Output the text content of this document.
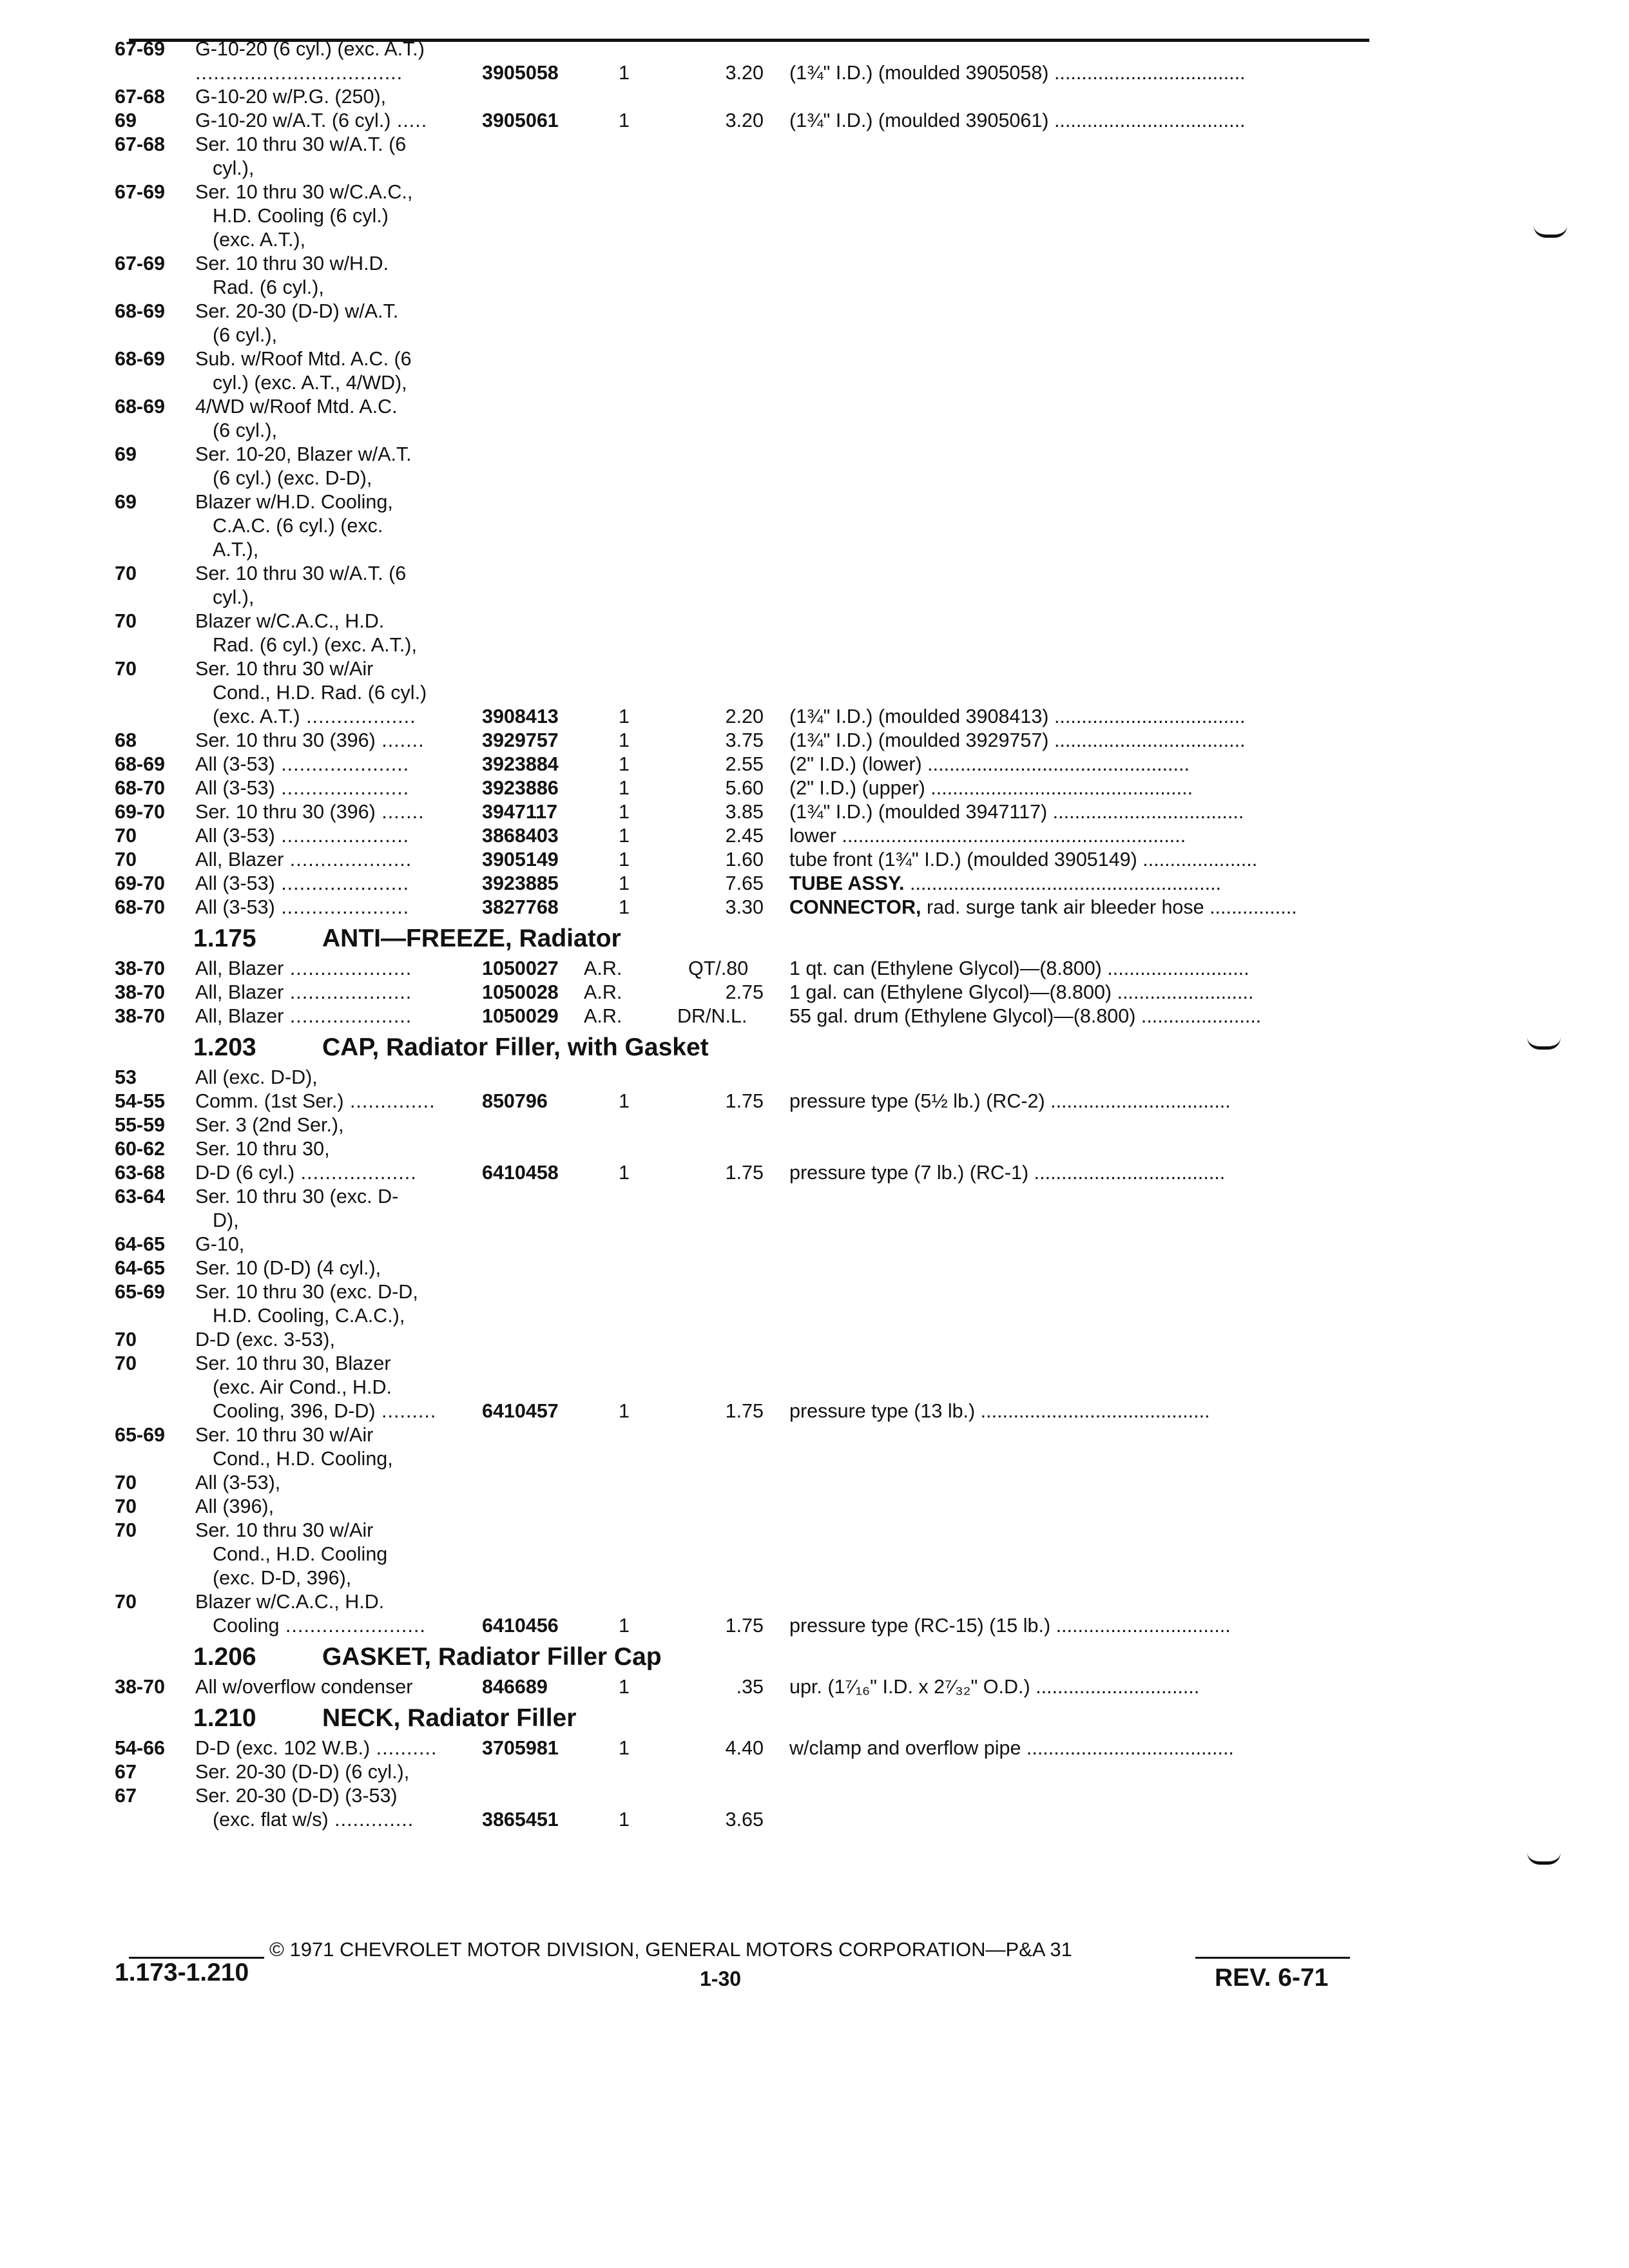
67-69 G-10-20 (6 cyl.) (exc. A.T.)
..................................	3905058	1	3.20 (1¾" I.D.) (moulded 3905058) ...................................
67-68 G-10-20 w/P.G. (250),
69	G-10-20 w/A.T. (6 cyl.) .....	3905061	1	3.20 (1¾" I.D.) (moulded 3905061) ...................................
67-68 Ser. 10 thru 30 w/A.T. (6
cyl.),
67-69 Ser. 10 thru 30 w/C.A.C.,
H.D. Cooling (6 cyl.)
(exc. A.T.),
67-69 Ser. 10 thru 30 w/H.D.
Rad. (6 cyl.),
68-69 Ser. 20-30 (D-D) w/A.T.
(6 cyl.),
68-69 Sub. w/Roof Mtd. A.C. (6
cyl.) (exc. A.T., 4/WD),
68-69 4/WD w/Roof Mtd. A.C.
(6 cyl.),
69	Ser. 10-20, Blazer w/A.T.
(6 cyl.) (exc. D-D),
69	Blazer w/H.D. Cooling,
C.A.C. (6 cyl.) (exc.
A.T.),
70	Ser. 10 thru 30 w/A.T. (6
cyl.),
70	Blazer w/C.A.C., H.D.
Rad. (6 cyl.) (exc. A.T.),
70	Ser. 10 thru 30 w/Air
Cond., H.D. Rad. (6 cyl.)
(exc. A.T.) ..................	3908413	1	2.20 (1¾" I.D.) (moulded 3908413) ...................................
68	Ser. 10 thru 30 (396) .......	3929757	1	3.75 (1¾" I.D.) (moulded 3929757) ...................................
68-69 All (3-53) .....................	3923884	1	2.55 (2" I.D.) (lower) ................................................
68-70 All (3-53) .....................	3923886	1	5.60 (2" I.D.) (upper) ................................................
69-70 Ser. 10 thru 30 (396) .......	3947117	1	3.85 (1¾" I.D.) (moulded 3947117) ...................................
70	All (3-53) .....................	3868403	1	2.45 lower ...............................................................
70	All, Blazer ....................	3905149	1	1.60 tube front (1¾" I.D.) (moulded 3905149) .....................
69-70 All (3-53) .....................	3923885	1	7.65 TUBE ASSY. .........................................................
68-70 All (3-53) .....................	3827768	1	3.30 CONNECTOR, rad. surge tank air bleeder hose ................
1.175	ANTI—FREEZE, Radiator
38-70 All, Blazer ....................	1050027 A.R.	QT/.80 1 qt. can (Ethylene Glycol)—(8.800) ..........................
38-70 All, Blazer ....................	1050028 A.R.	2.75 1 gal. can (Ethylene Glycol)—(8.800) .........................
38-70 All, Blazer ....................	1050029 A.R.	DR/N.L. 55 gal. drum (Ethylene Glycol)—(8.800) ......................
1.203	CAP, Radiator Filler, with Gasket
53	All (exc. D-D),
54-55 Comm. (1st Ser.) .............. 850796	1	1.75 pressure type (5½ lb.) (RC-2) .................................
55-59 Ser. 3 (2nd Ser.),
60-62 Ser. 10 thru 30,
63-68 D-D (6 cyl.) ...................	6410458	1	1.75 pressure type (7 lb.) (RC-1) ...................................
63-64 Ser. 10 thru 30 (exc. D-
D),
64-65 G-10,
64-65 Ser. 10 (D-D) (4 cyl.),
65-69 Ser. 10 thru 30 (exc. D-D,
H.D. Cooling, C.A.C.),
70	D-D (exc. 3-53),
70	Ser. 10 thru 30, Blazer
(exc. Air Cond., H.D.
Cooling, 396, D-D) ......... 6410457	1	1.75 pressure type (13 lb.) ..........................................
65-69 Ser. 10 thru 30 w/Air
Cond., H.D. Cooling,
70	All (3-53),
70	All (396),
70	Ser. 10 thru 30 w/Air
Cond., H.D. Cooling
(exc. D-D, 396),
70	Blazer w/C.A.C., H.D.
Cooling .......................	6410456	1	1.75 pressure type (RC-15) (15 lb.) ................................
1.206	GASKET, Radiator Filler Cap
38-70 All w/overflow condenser	846689	1	.35 upr. (1⁷⁄₁₆" I.D. x 2⁷⁄₃₂" O.D.) ..............................
1.210	NECK, Radiator Filler
54-66 D-D (exc. 102 W.B.) .......... 3705981	1	4.40 w/clamp and overflow pipe ......................................
67	Ser. 20-30 (D-D) (6 cyl.),
67	Ser. 20-30 (D-D) (3-53)
(exc. flat w/s) .............	3865451	1	3.65
© 1971 CHEVROLET MOTOR DIVISION, GENERAL MOTORS CORPORATION—P&A 31
1.173-1.210	1-30	REV. 6-71
